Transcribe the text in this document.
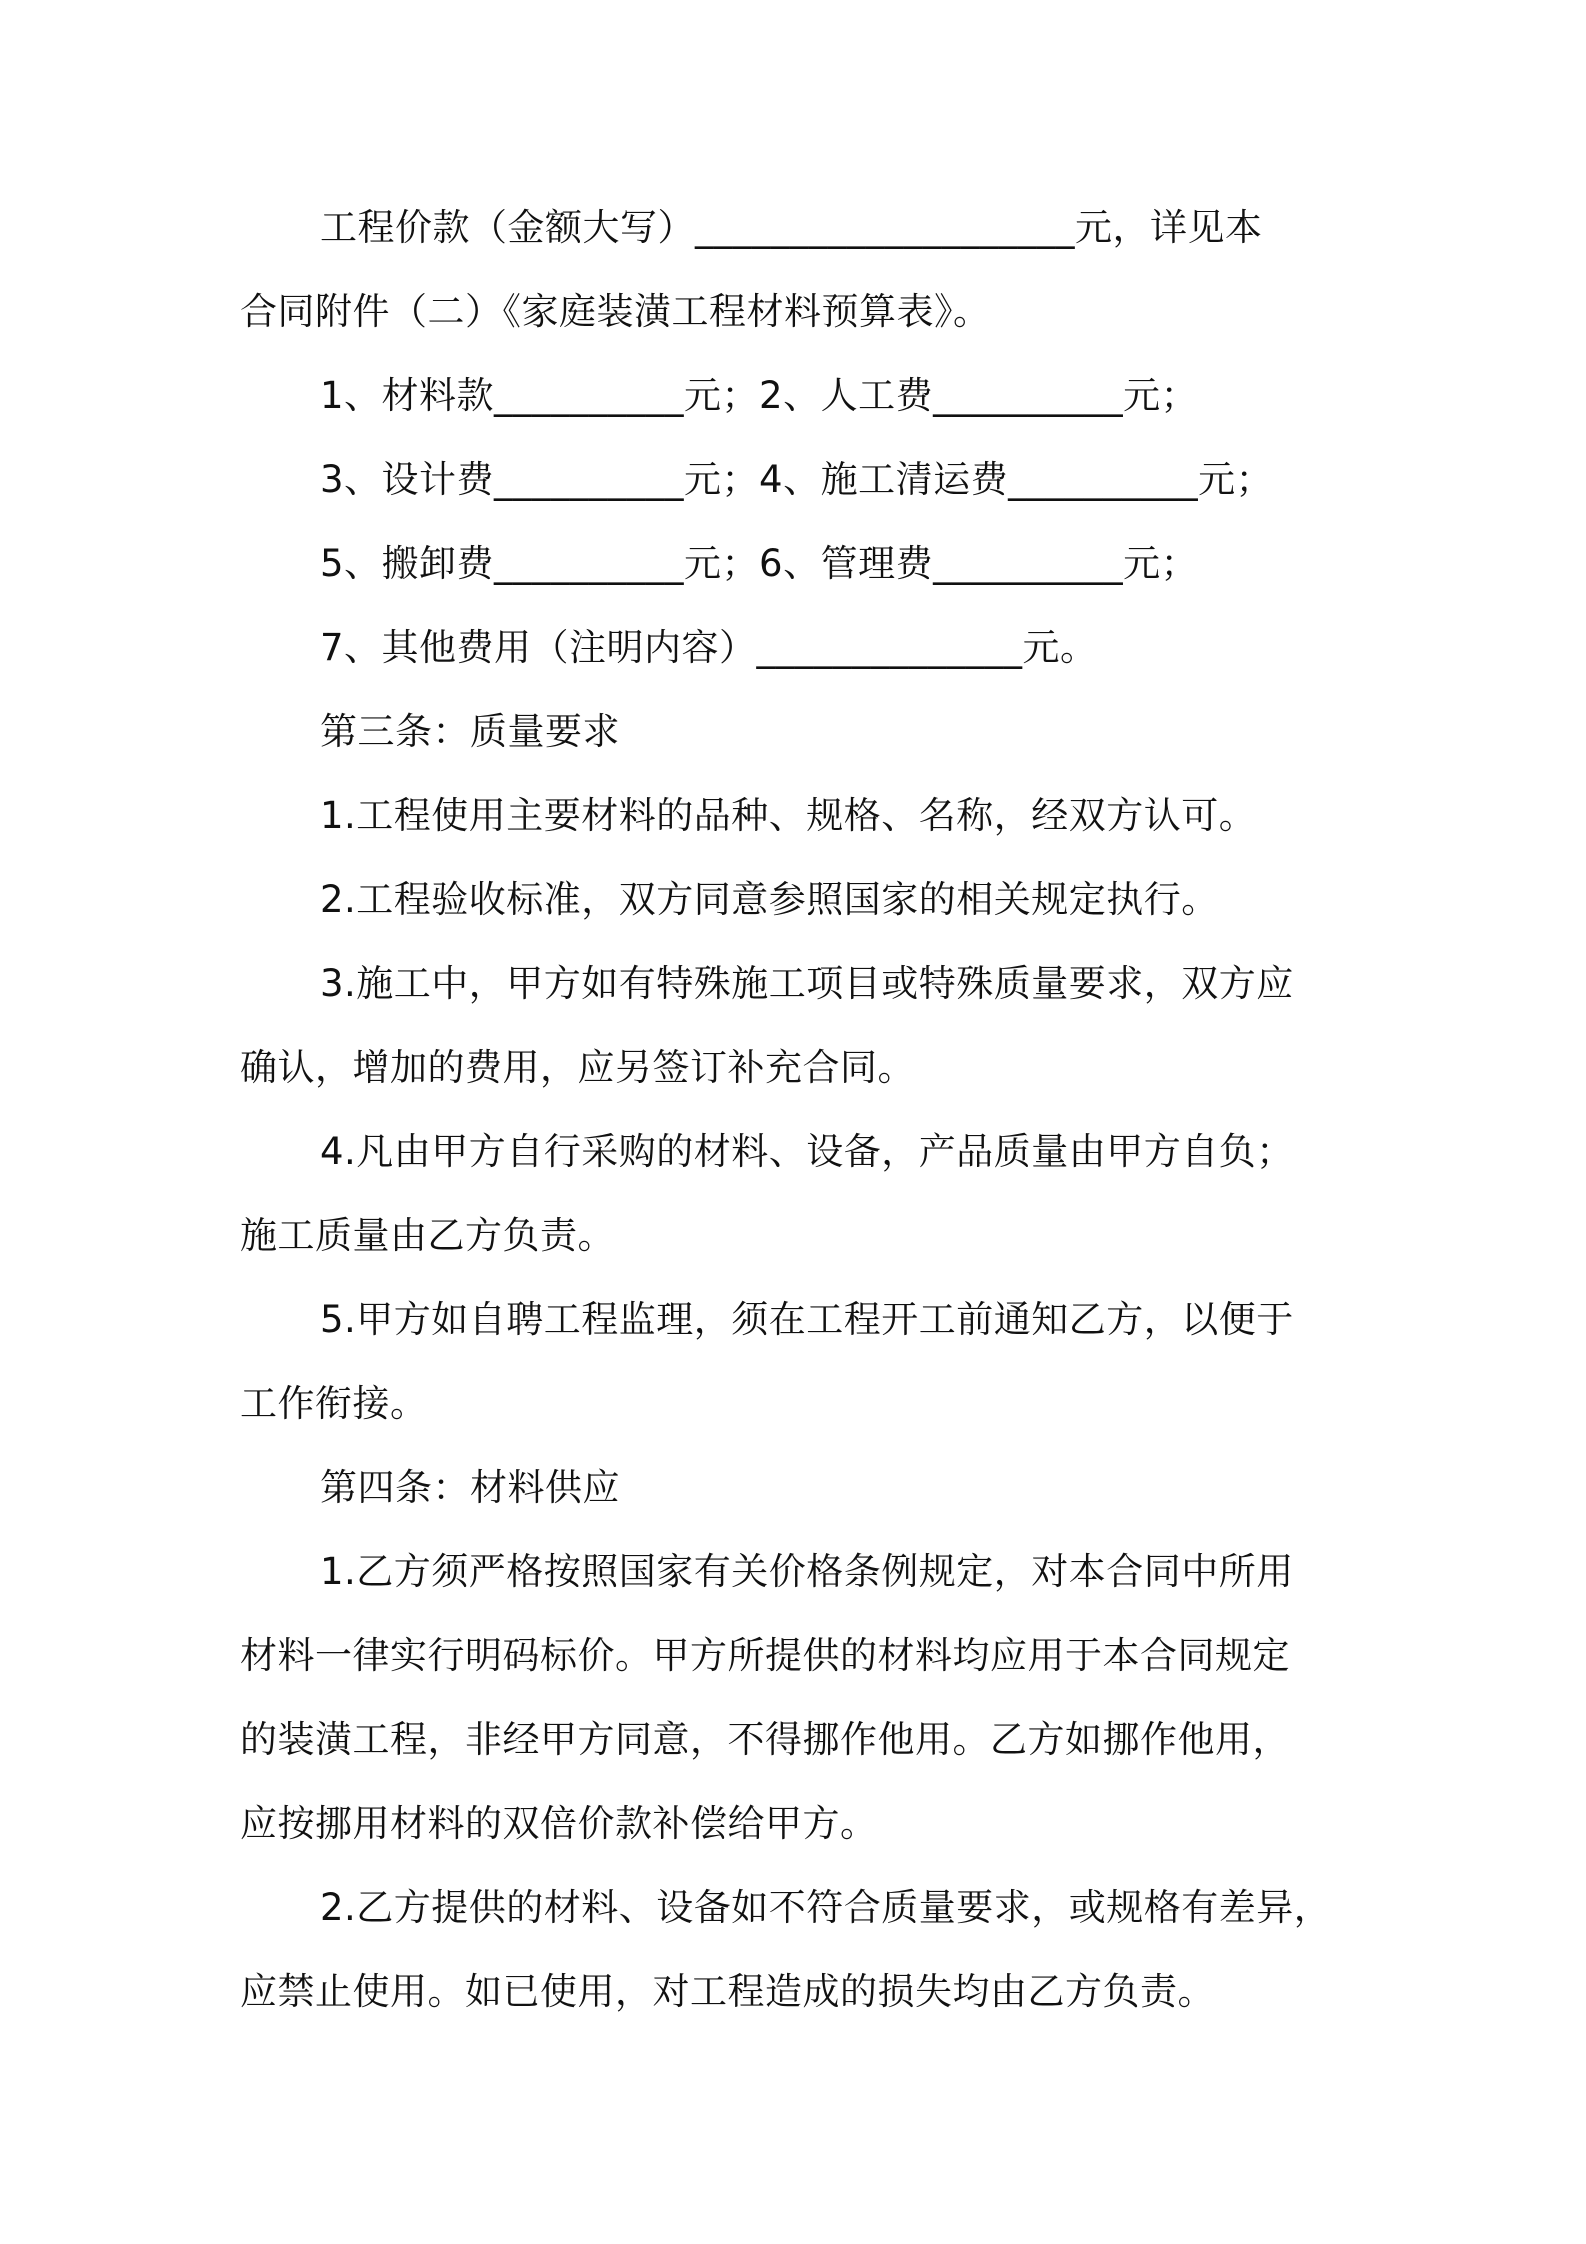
工程价款（金额大写）____________________元，详见本
合同附件（二）《家庭装潢工程材料预算表》。
1、材料款__________元；2、人工费__________元；
3、设计费__________元；4、施工清运费__________元；
5、搬卸费__________元；6、管理费__________元；
7、其他费用（注明内容）______________元。
第三条：质量要求
1.工程使用主要材料的品种、规格、名称，经双方认可。
2.工程验收标准，双方同意参照国家的相关规定执行。
3.施工中，甲方如有特殊施工项目或特殊质量要求，双方应
确认，增加的费用，应另签订补充合同。
4.凡由甲方自行采购的材料、设备，产品质量由甲方自负；
施工质量由乙方负责。
5.甲方如自聘工程监理，须在工程开工前通知乙方，以便于
工作衔接。
第四条：材料供应
1.乙方须严格按照国家有关价格条例规定，对本合同中所用
材料一律实行明码标价。甲方所提供的材料均应用于本合同规定
的装潢工程，非经甲方同意，不得挪作他用。乙方如挪作他用，
应按挪用材料的双倍价款补偿给甲方。
2.乙方提供的材料、设备如不符合质量要求，或规格有差异，
应禁止使用。如已使用，对工程造成的损失均由乙方负责。
